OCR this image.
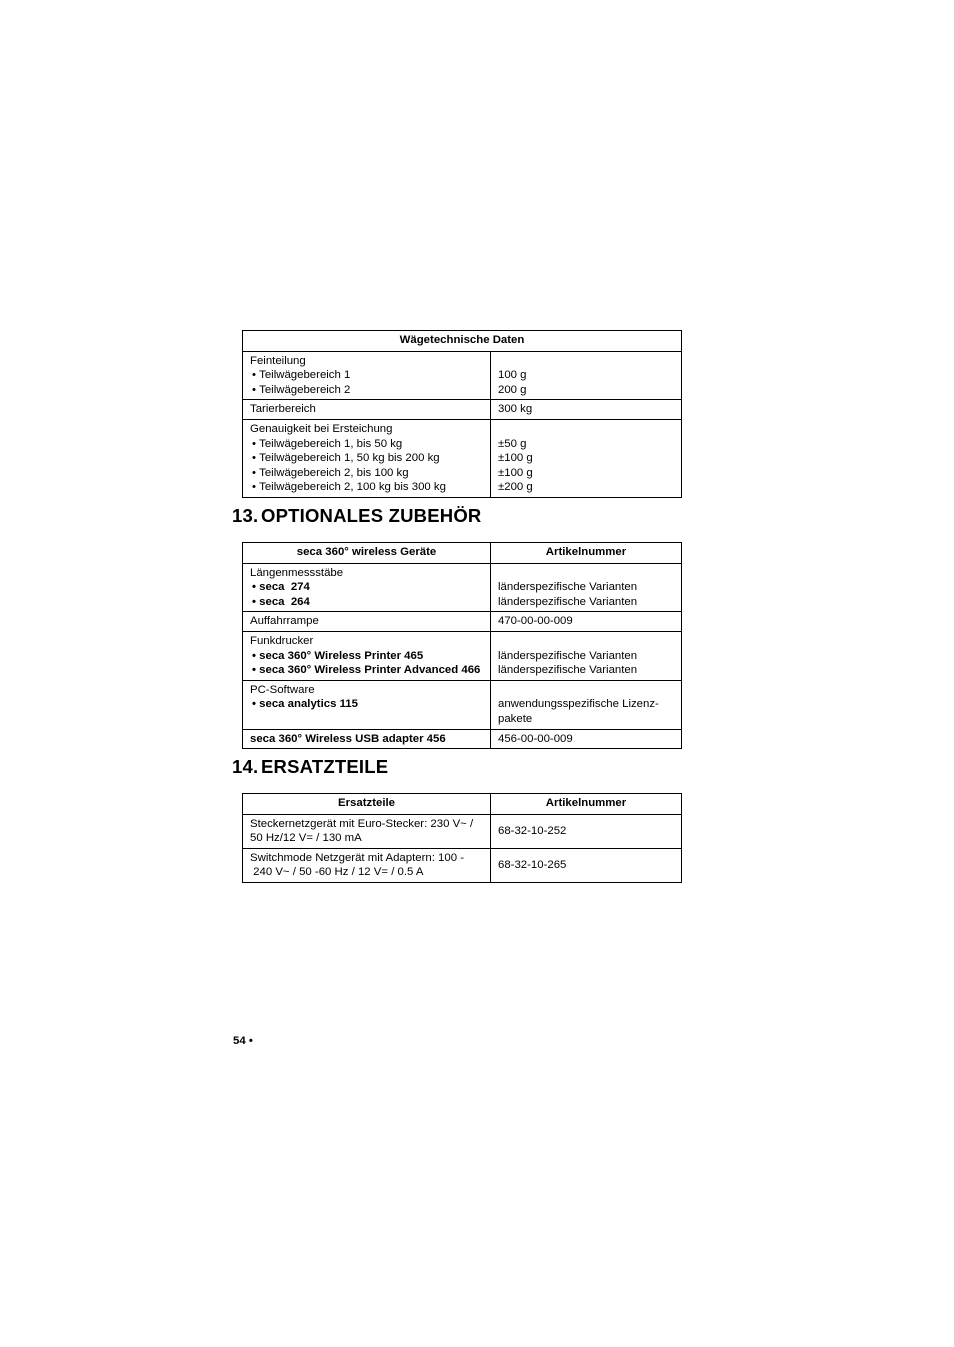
Wägetechnische Daten	

Feinteilung
• Teilwägebereich 1
• Teilwägebereich 2	100 g
200 g

Tarierbereich	300 kg

Genauigkeit bei Ersteichung
• Teilwägebereich 1, bis 50 kg
• Teilwägebereich 1, 50 kg bis 200 kg
• Teilwägebereich 2, bis 100 kg
• Teilwägebereich 2, 100 kg bis 300 kg	±50 g
±100 g
±100 g
±200 g
13. OPTIONALES ZUBEHÖR
seca 360° wireless Geräte	Artikelnummer

Längenmessstäbe
• seca  274
• seca  264	länderspezifische Varianten
länderspezifische Varianten

Auffahrrampe	470-00-00-009

Funkdrucker
• seca 360° Wireless Printer 465
• seca 360° Wireless Printer Advanced 466	länderspezifische Varianten
länderspezifische Varianten

PC-Software
• seca analytics 115	anwendungsspezifische Lizenz-
pakete

seca 360° Wireless USB adapter 456	456-00-00-009
14. ERSATZTEILE
Ersatzteile	Artikelnummer

Steckernetzgerät mit Euro-Stecker: 230 V~ /
50 Hz/12 V= / 130 mA	68-32-10-252

Switchmode Netzgerät mit Adaptern: 100 -
240 V~ / 50 -60 Hz / 12 V= / 0.5 A	68-32-10-265
54 •
